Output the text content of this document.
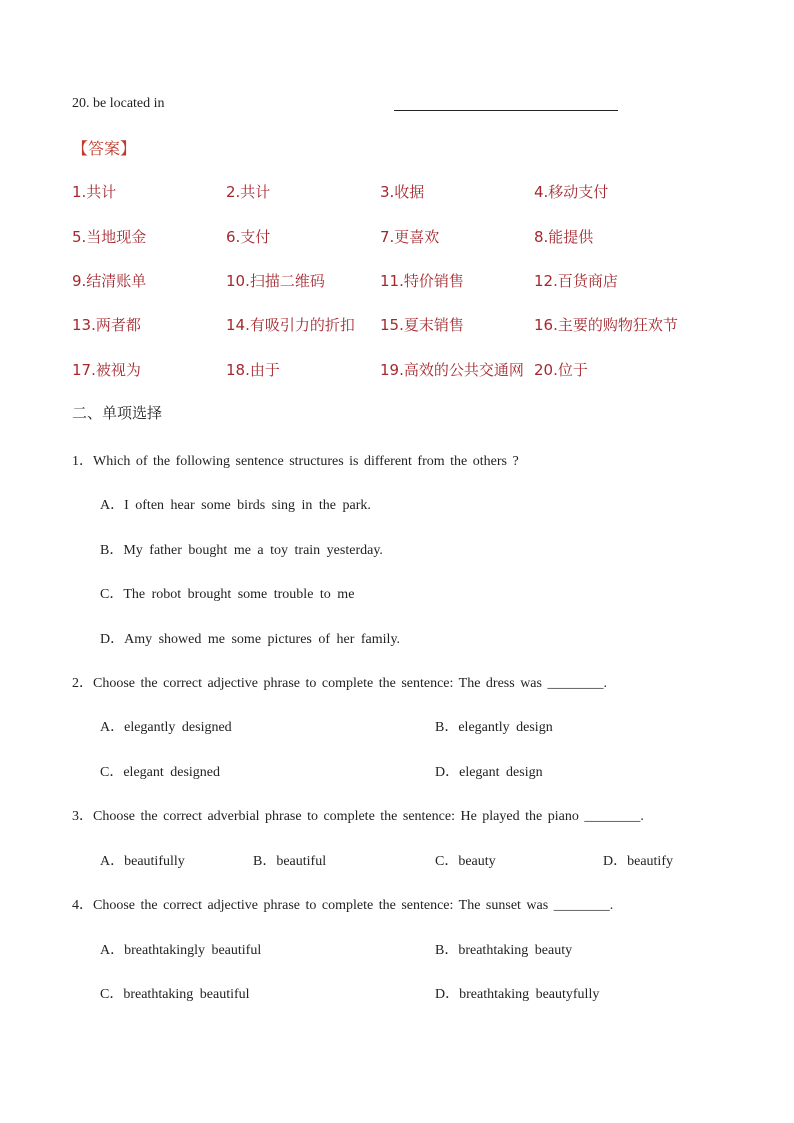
20. be located in
【答案】
1.共计	2.共计	3.收据	4.移动支付
5.当地现金	6.支付	7.更喜欢	8.能提供
9.结清账单	10.扫描二维码	11.特价销售	12.百货商店
13.两者都	14.有吸引力的折扣 15.夏末销售	16.主要的购物狂欢节
17.被视为	18.由于	19.高效的公共交通网 20.位于
二、单项选择
1．Which of the following sentence structures is different from the others ?
A．I often hear some birds sing in the park.
B．My father bought me a toy train yesterday.
C．The robot brought some trouble to me
D．Amy showed me some pictures of her family.
2．Choose the correct adjective phrase to complete the sentence: The dress was ________.
A．elegantly designed	B．elegantly design
C．elegant designed	D．elegant design
3．Choose the correct adverbial phrase to complete the sentence: He played the piano ________.
A．beautifully	B．beautiful	C．beauty	D．beautify
4．Choose the correct adjective phrase to complete the sentence: The sunset was ________.
A．breathtakingly beautiful	B．breathtaking beauty
C．breathtaking beautiful	D．breathtaking beautyfully
